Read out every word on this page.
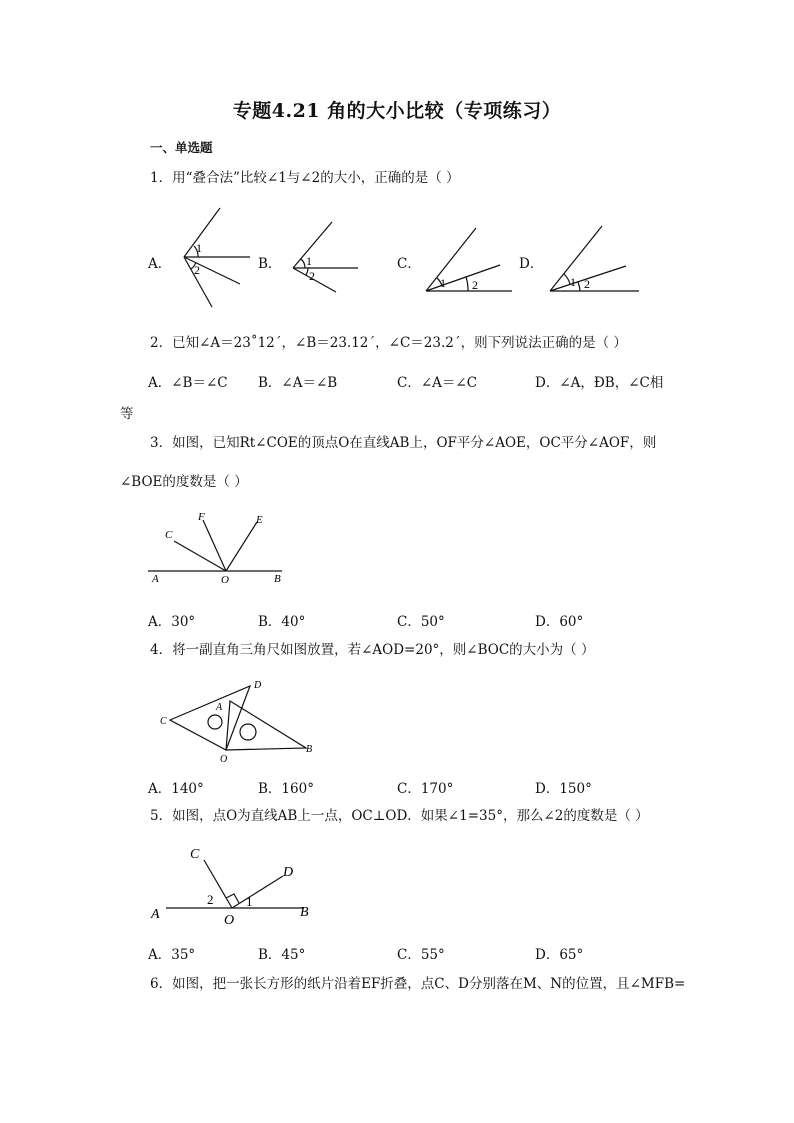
专题4.21 角的大小比较（专项练习）
一、单选题
1．用“叠合法”比较∠1与∠2的大小，正确的是（ ）
A．	B．	C．	D．
1
2
1
2	1 2	1 2
2．已知∠A＝23˚12ˊ，∠B＝23.12ˊ，∠C＝23.2ˊ，则下列说法正确的是（ ）
A．∠B＝∠C B．∠A＝∠B	C．∠A＝∠C	D．∠A，ÐB，∠C相
等
3．如图，已知Rt∠COE的顶点O在直线AB上，OF平分∠AOE，OC平分∠AOF，则
∠BOE的度数是（ ）
F	E
C
A	O	B
A．30°	B．40°	C．50°	D．60°
4．将一副直角三角尺如图放置，若∠AOD=20°，则∠BOC的大小为（ ）
D
A
C
O
B
A．140°	B．160°	C．170°	D．150°
5．如图，点O为直线AB上一点，OC⊥OD．如果∠1=35°，那么∠2的度数是（ ）
C
D
A	O
B
2	1
A．35°	B．45°	C．55°	D．65°
6．如图，把一张长方形的纸片沿着EF折叠，点C、D分别落在M、N的位置，且∠MFB=
